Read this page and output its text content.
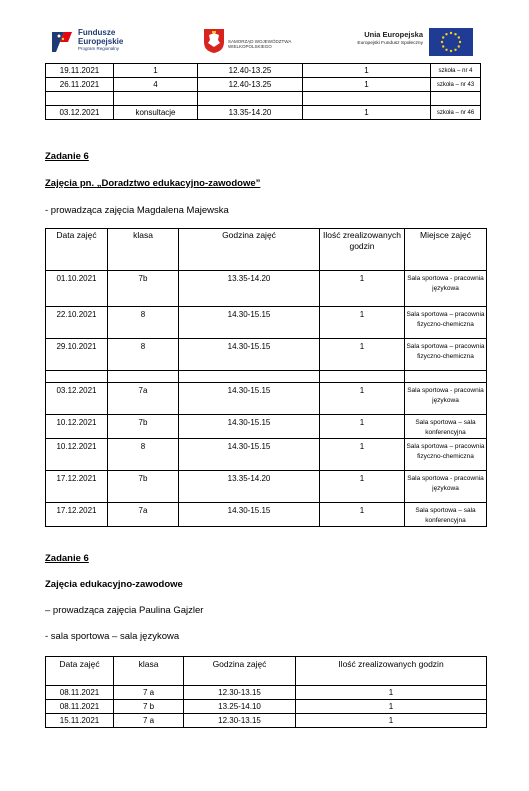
Fundusze
Europejskie
Program Regionalny
SAMORZĄD WOJEWÓDZTWA
WIELKOPOLSKIEGO
Unia Europejska
Europejski Fundusz Społeczny
19.11.2021	1	12.40-13.25	1	szkoła – nr 4
26.11.2021	4	12.40-13.25	1	szkoła – nr 43

03.12.2021	konsultacje	13.35-14.20	1	szkoła – nr 46
Zadanie 6
Zajęcia pn. „Doradztwo edukacyjno-zawodowe”
- prowadząca zajęcia Magdalena Majewska
Data zajęć	klasa	Godzina zajęć	Ilość zrealizowanych godzin	Miejsce zajęć
01.10.2021	7b	13.35-14.20	1	Sala sportowa - pracownia językowa
22.10.2021	8	14.30-15.15	1	Sala sportowa – pracownia fizyczno-chemiczna
29.10.2021	8	14.30-15.15	1	Sala sportowa – pracownia fizyczno-chemiczna

03.12.2021	7a	14.30-15.15	1	Sala sportowa - pracownia językowa
10.12.2021	7b	14.30-15.15	1	Sala sportowa – sala konferencyjna
10.12.2021	8	14.30-15.15	1	Sala sportowa – pracownia fizyczno-chemiczna
17.12.2021	7b	13.35-14.20	1	Sala sportowa - pracownia językowa
17.12.2021	7a	14.30-15.15	1	Sala sportowa – sala konferencyjna
Zadanie 6
Zajęcia edukacyjno-zawodowe
– prowadząca zajęcia Paulina Gajzler
- sala sportowa – sala językowa
Data zajęć	klasa	Godzina zajęć	Ilość zrealizowanych godzin
08.11.2021	7 a	12.30-13.15	1
08.11.2021	7 b	13.25-14.10	1
15.11.2021	7 a	12.30-13.15	1
